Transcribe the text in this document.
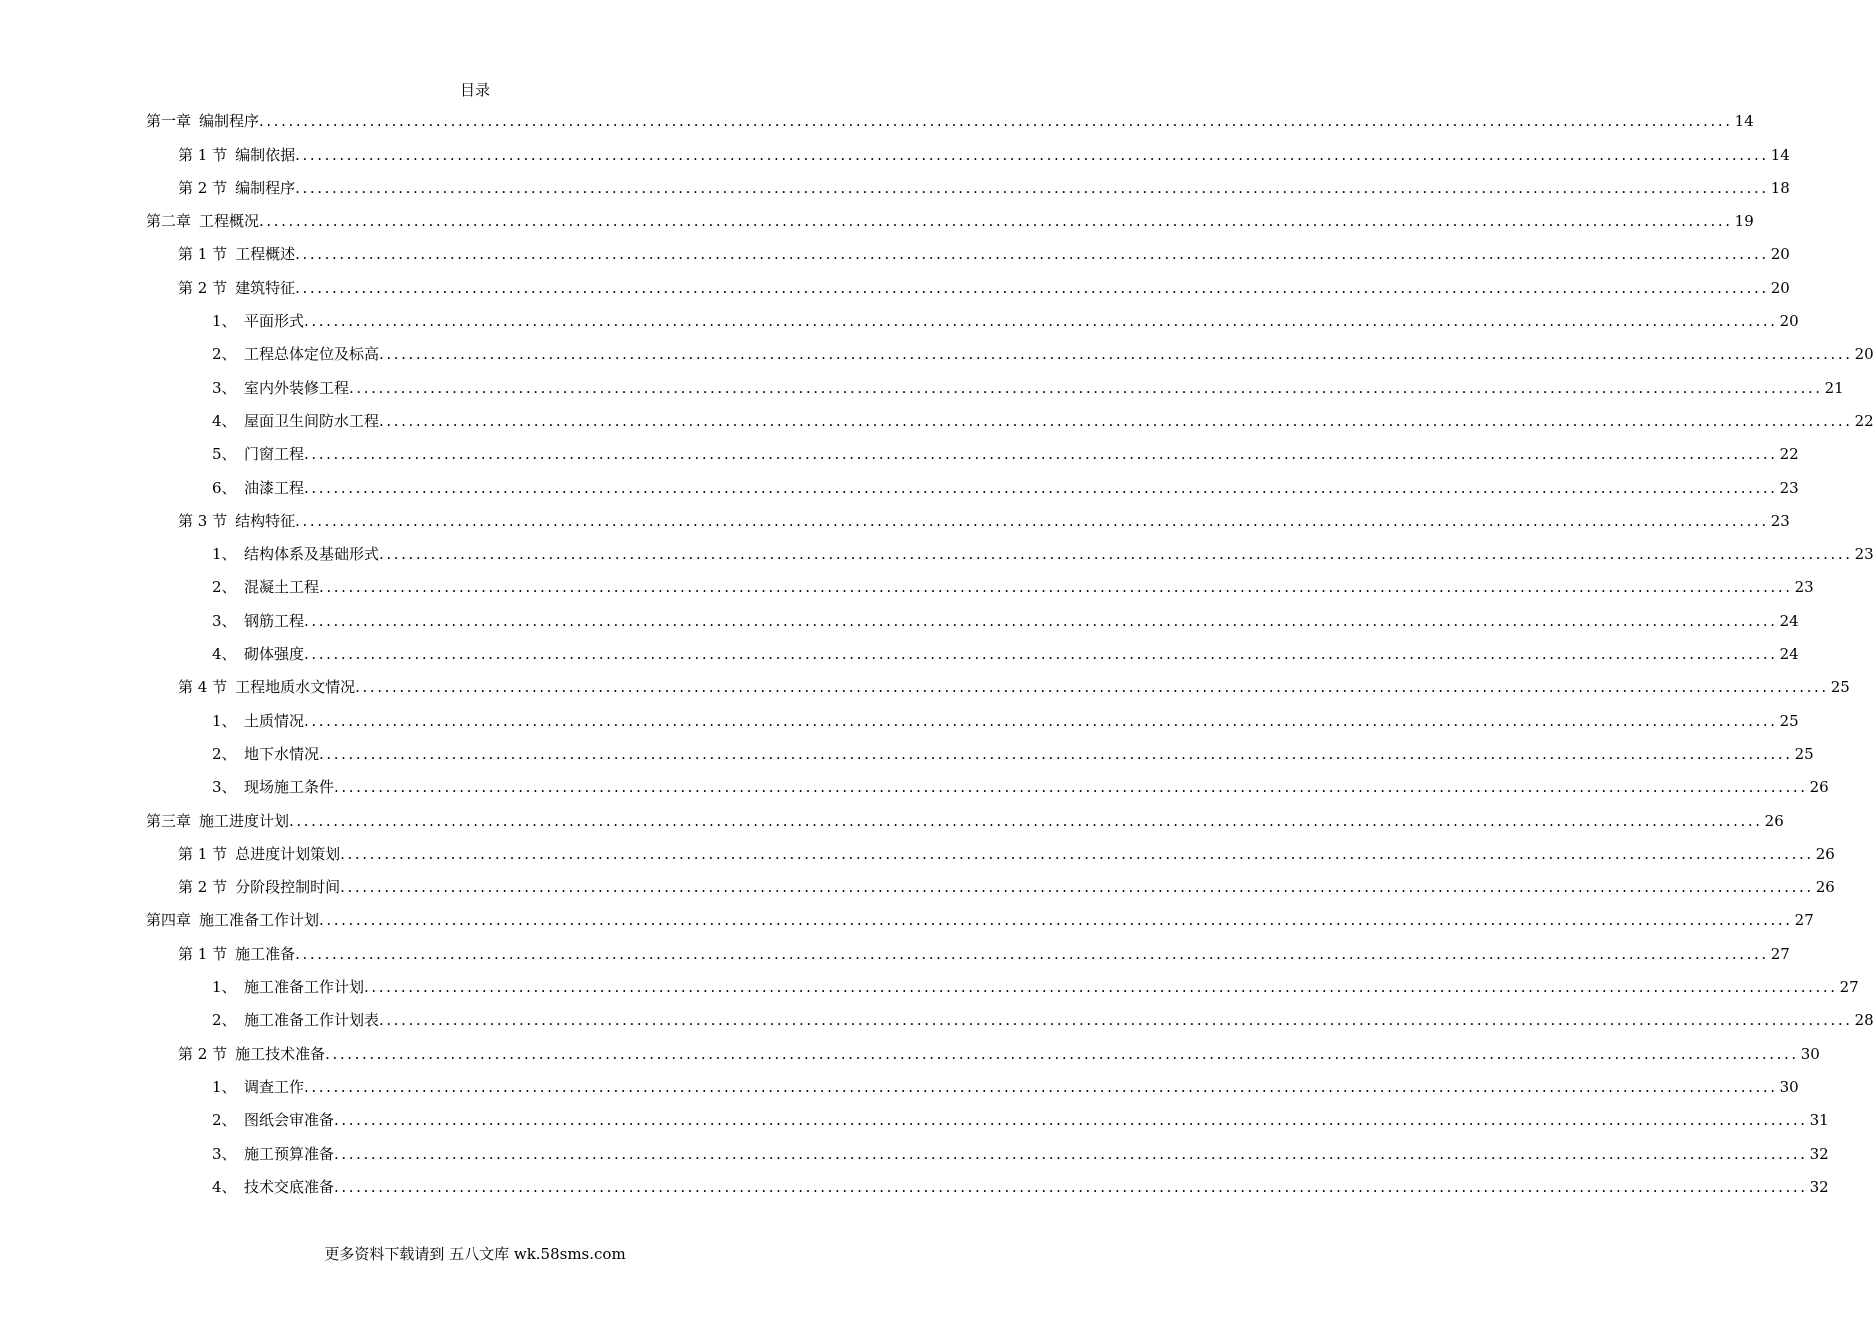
目录
第一章 编制程序 ........................................................................................................................................................................................................ 14
第 1 节 编制依据 ........................................................................................................................................................................................................ 14
第 2 节 编制程序 ........................................................................................................................................................................................................ 18
第二章 工程概况 ........................................................................................................................................................................................................ 19
第 1 节 工程概述 ........................................................................................................................................................................................................ 20
第 2 节 建筑特征 ........................................................................................................................................................................................................ 20
1、 平面形式 ........................................................................................................................................................................................................ 20
2、 工程总体定位及标高 ........................................................................................................................................................................................................ 20
3、 室内外装修工程 ........................................................................................................................................................................................................ 21
4、 屋面卫生间防水工程 ........................................................................................................................................................................................................ 22
5、 门窗工程 ........................................................................................................................................................................................................ 22
6、 油漆工程 ........................................................................................................................................................................................................ 23
第 3 节 结构特征 ........................................................................................................................................................................................................ 23
1、 结构体系及基础形式 ........................................................................................................................................................................................................ 23
2、 混凝土工程 ........................................................................................................................................................................................................ 23
3、 钢筋工程 ........................................................................................................................................................................................................ 24
4、 砌体强度 ........................................................................................................................................................................................................ 24
第 4 节 工程地质水文情况 ........................................................................................................................................................................................................ 25
1、 土质情况 ........................................................................................................................................................................................................ 25
2、 地下水情况 ........................................................................................................................................................................................................ 25
3、 现场施工条件 ........................................................................................................................................................................................................ 26
第三章 施工进度计划 ........................................................................................................................................................................................................ 26
第 1 节 总进度计划策划 ........................................................................................................................................................................................................ 26
第 2 节 分阶段控制时间 ........................................................................................................................................................................................................ 26
第四章 施工准备工作计划 ........................................................................................................................................................................................................ 27
第 1 节 施工准备 ........................................................................................................................................................................................................ 27
1、 施工准备工作计划 ........................................................................................................................................................................................................ 27
2、 施工准备工作计划表 ........................................................................................................................................................................................................ 28
第 2 节 施工技术准备 ........................................................................................................................................................................................................ 30
1、 调查工作 ........................................................................................................................................................................................................ 30
2、 图纸会审准备 ........................................................................................................................................................................................................ 31
3、 施工预算准备 ........................................................................................................................................................................................................ 32
4、 技术交底准备 ........................................................................................................................................................................................................ 32
更多资料下载请到 五八文库 wk.58sms.com
